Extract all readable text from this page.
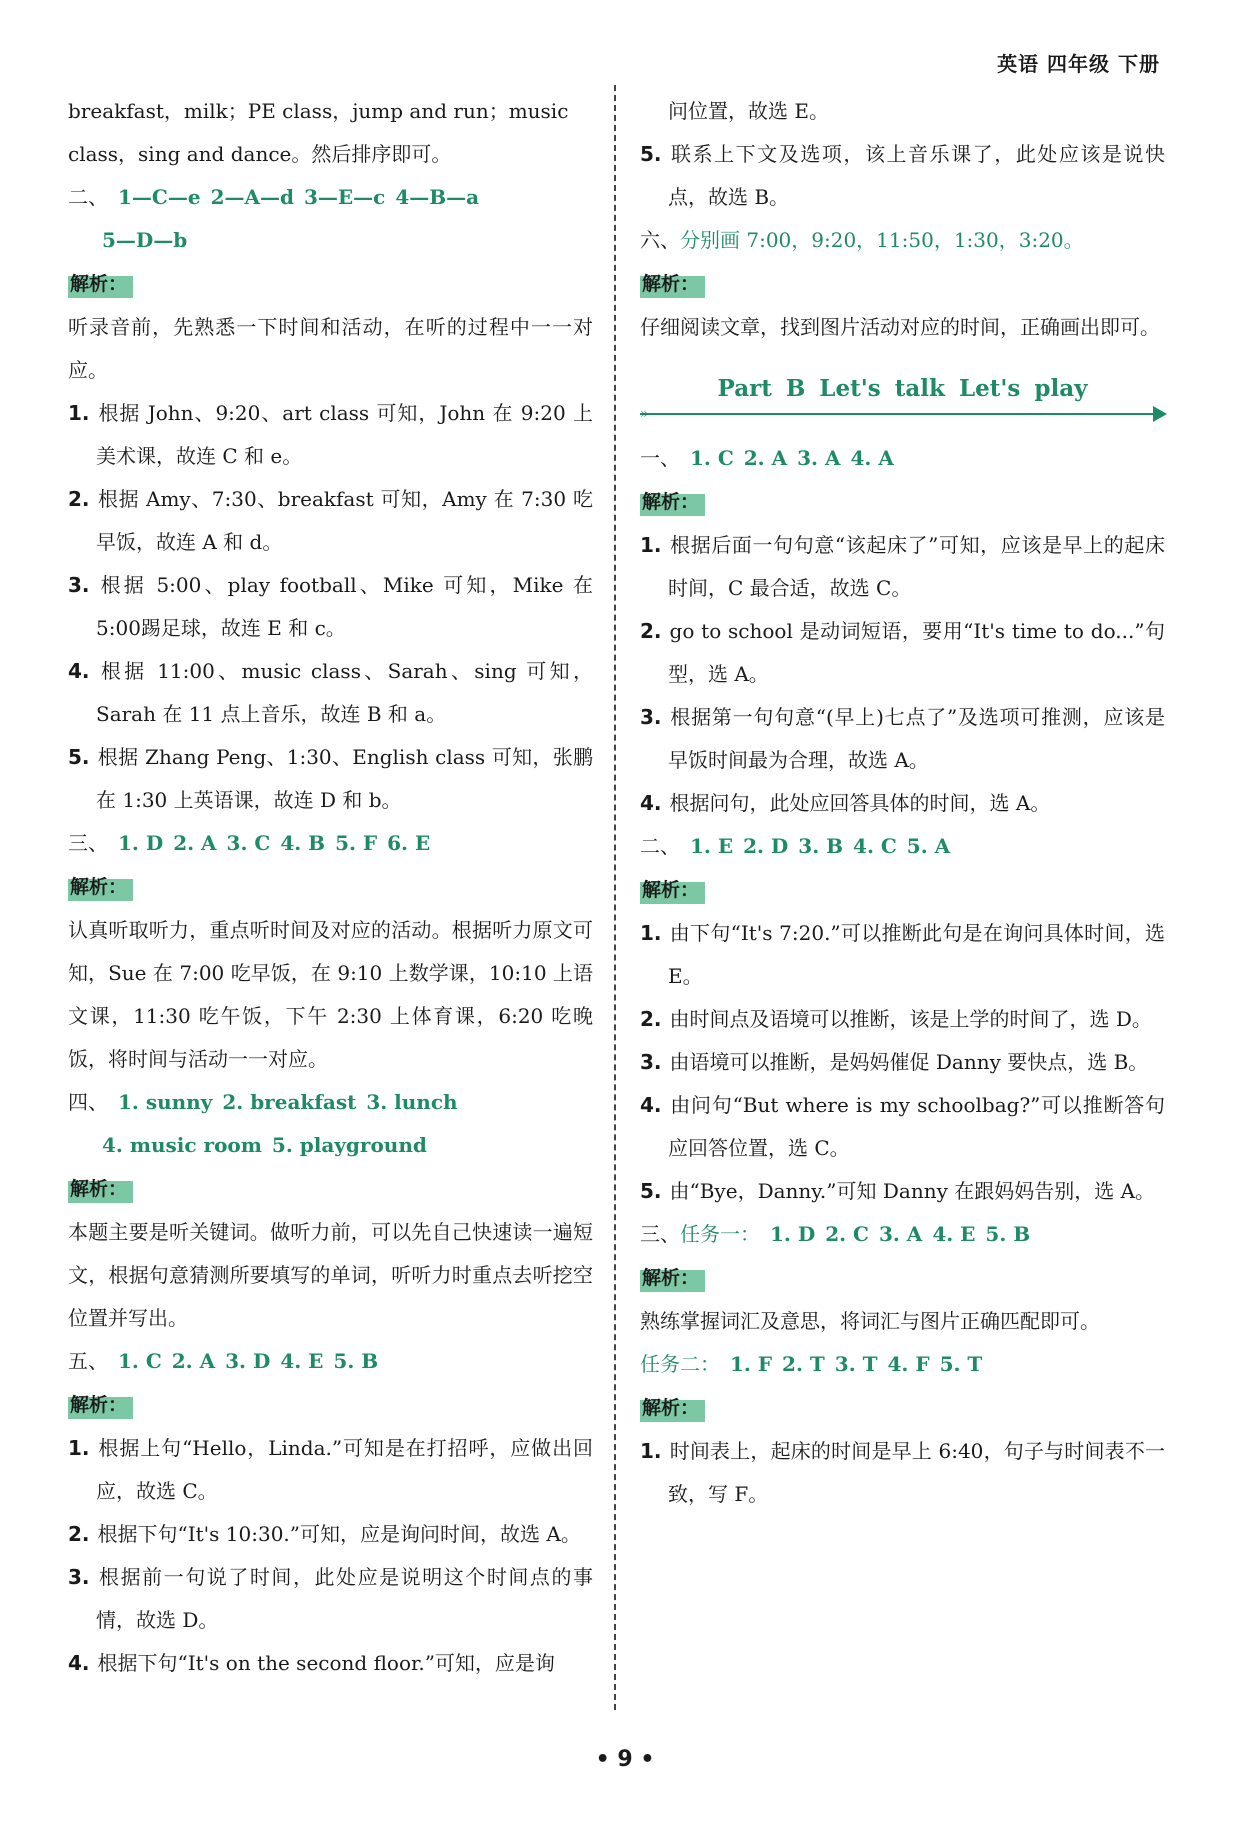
英语 四年级 下册

breakfast，milk；PE class，jump and run；music

class，sing and dance。然后排序即可。

二、 1—C—e 2—A—d 3—E—c 4—B—a

5—D—b

解析：

听录音前，先熟悉一下时间和活动，在听的过程中一一对应。

1. 根据 John、9:20、art class 可知，John 在 9:20 上美术课，故连 C 和 e。

2. 根据 Amy、7:30、breakfast 可知，Amy 在 7:30 吃早饭，故连 A 和 d。

3. 根据 5:00、play football、Mike 可知，Mike 在 5:00踢足球，故连 E 和 c。

4. 根据 11:00、music class、Sarah、sing 可知，Sarah 在 11 点上音乐，故连 B 和 a。

5. 根据 Zhang Peng、1:30、English class 可知，张鹏在 1:30 上英语课，故连 D 和 b。

三、 1. D 2. A 3. C 4. B 5. F 6. E

解析：

认真听取听力，重点听时间及对应的活动。根据听力原文可知，Sue 在 7:00 吃早饭，在 9:10 上数学课，10:10 上语文课，11:30 吃午饭，下午 2:30 上体育课，6:20 吃晚饭，将时间与活动一一对应。

四、 1. sunny 2. breakfast 3. lunch

4. music room 5. playground

解析：

本题主要是听关键词。做听力前，可以先自己快速读一遍短文，根据句意猜测所要填写的单词，听听力时重点去听挖空位置并写出。

五、 1. C 2. A 3. D 4. E 5. B

解析：

1. 根据上句“Hello，Linda.”可知是在打招呼，应做出回应，故选 C。

2. 根据下句“It's 10:30.”可知，应是询问时间，故选 A。

3. 根据前一句说了时间，此处应是说明这个时间点的事情，故选 D。

4. 根据下句“It's on the second floor.”可知，应是询

问位置，故选 E。

5. 联系上下文及选项，该上音乐课了，此处应该是说快点，故选 B。

六、分别画 7:00，9:20，11:50，1:30，3:20。

解析：

仔细阅读文章，找到图片活动对应的时间，正确画出即可。

Part B Let's talk Let's play
»

一、 1. C 2. A 3. A 4. A

解析：

1. 根据后面一句句意“该起床了”可知，应该是早上的起床时间，C 最合适，故选 C。

2. go to school 是动词短语，要用“It's time to do...”句型，选 A。

3. 根据第一句句意“(早上)七点了”及选项可推测，应该是早饭时间最为合理，故选 A。

4. 根据问句，此处应回答具体的时间，选 A。

二、 1. E 2. D 3. B 4. C 5. A

解析：

1. 由下句“It's 7:20.”可以推断此句是在询问具体时间，选 E。

2. 由时间点及语境可以推断，该是上学的时间了，选 D。

3. 由语境可以推断，是妈妈催促 Danny 要快点，选 B。

4. 由问句“But where is my schoolbag?”可以推断答句应回答位置，选 C。

5. 由“Bye，Danny.”可知 Danny 在跟妈妈告别，选 A。

三、任务一： 1. D 2. C 3. A 4. E 5. B

解析：

熟练掌握词汇及意思，将词汇与图片正确匹配即可。

任务二： 1. F 2. T 3. T 4. F 5. T

解析：

1. 时间表上，起床的时间是早上 6:40，句子与时间表不一致，写 F。

• 9 •
